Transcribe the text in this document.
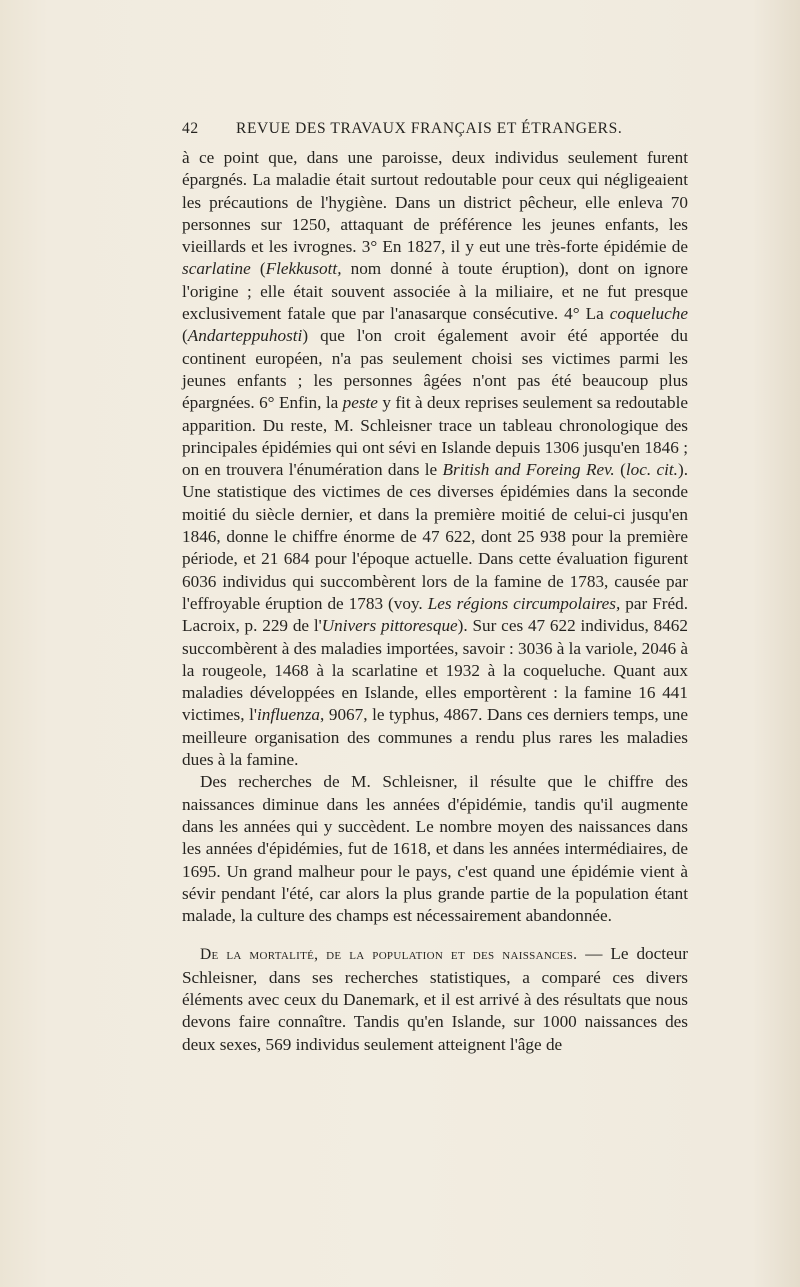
42 REVUE DES TRAVAUX FRANÇAIS ET ÉTRANGERS.

à ce point que, dans une paroisse, deux individus seulement furent épargnés. La maladie était surtout redoutable pour ceux qui négligeaient les précautions de l'hygiène. Dans un district pêcheur, elle enleva 70 personnes sur 1250, attaquant de préférence les jeunes enfants, les vieillards et les ivrognes. 3° En 1827, il y eut une très-forte épidémie de scarlatine (Flekkusott, nom donné à toute éruption), dont on ignore l'origine ; elle était souvent associée à la miliaire, et ne fut presque exclusivement fatale que par l'anasarque consécutive. 4° La coqueluche (Andarteppuhosti) que l'on croit également avoir été apportée du continent européen, n'a pas seulement choisi ses victimes parmi les jeunes enfants ; les personnes âgées n'ont pas été beaucoup plus épargnées. 6° Enfin, la peste y fit à deux reprises seulement sa redoutable apparition. Du reste, M. Schleisner trace un tableau chronologique des principales épidémies qui ont sévi en Islande depuis 1306 jusqu'en 1846 ; on en trouvera l'énumération dans le British and Foreing Rev. (loc. cit.). Une statistique des victimes de ces diverses épidémies dans la seconde moitié du siècle dernier, et dans la première moitié de celui-ci jusqu'en 1846, donne le chiffre énorme de 47 622, dont 25 938 pour la première période, et 21 684 pour l'époque actuelle. Dans cette évaluation figurent 6036 individus qui succombèrent lors de la famine de 1783, causée par l'effroyable éruption de 1783 (voy. Les régions circumpolaires, par Fréd. Lacroix, p. 229 de l'Univers pittoresque). Sur ces 47 622 individus, 8462 succombèrent à des maladies importées, savoir : 3036 à la variole, 2046 à la rougeole, 1468 à la scarlatine et 1932 à la coqueluche. Quant aux maladies développées en Islande, elles emportèrent : la famine 16 441 victimes, l'influenza, 9067, le typhus, 4867. Dans ces derniers temps, une meilleure organisation des communes a rendu plus rares les maladies dues à la famine.

Des recherches de M. Schleisner, il résulte que le chiffre des naissances diminue dans les années d'épidémie, tandis qu'il augmente dans les années qui y succèdent. Le nombre moyen des naissances dans les années d'épidémies, fut de 1618, et dans les années intermédiaires, de 1695. Un grand malheur pour le pays, c'est quand une épidémie vient à sévir pendant l'été, car alors la plus grande partie de la population étant malade, la culture des champs est nécessairement abandonnée.

De la mortalité, de la population et des naissances. — Le docteur Schleisner, dans ses recherches statistiques, a comparé ces divers éléments avec ceux du Danemark, et il est arrivé à des résultats que nous devons faire connaître. Tandis qu'en Islande, sur 1000 naissances des deux sexes, 569 individus seulement atteignent l'âge de
